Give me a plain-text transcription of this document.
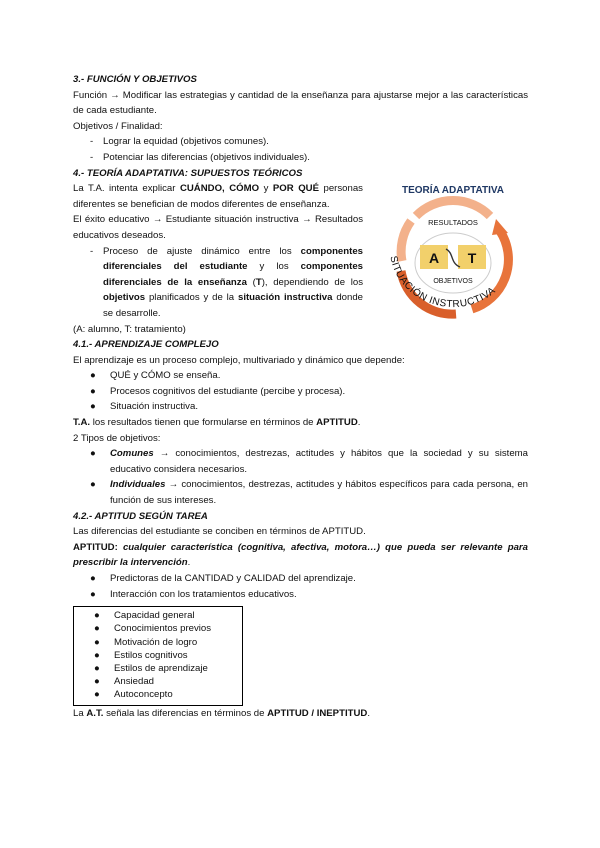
3.- FUNCIÓN Y OBJETIVOS

Función → Modificar las estrategias y cantidad de la enseñanza para ajustarse mejor a las características de cada estudiante.

Objetivos / Finalidad:

-	Lograr la equidad (objetivos comunes).
-	Potenciar las diferencias (objetivos individuales).

4.- TEORÍA ADAPTATIVA: SUPUESTOS TEÓRICOS

La T.A. intenta explicar CUÁNDO, CÓMO y POR QUÉ personas diferentes se benefician de modos diferentes de enseñanza.

El éxito educativo → Estudiante situación instructiva → Resultados educativos deseados.

-	Proceso de ajuste dinámico entre los componentes diferenciales del estudiante y los componentes diferenciales de la enseñanza (T), dependiendo de los objetivos planificados y de la situación instructiva donde se desarrolle.

(A: alumno, T: tratamiento)

TEORÍA ADAPTATIVA
RESULTADOS
A T
OBJETIVOS
SITUACIÓN INSTRUCTIVA

4.1.- APRENDIZAJE COMPLEJO

El aprendizaje es un proceso complejo, multivariado y dinámico que depende:

●	QUÉ y CÓMO se enseña.
●	Procesos cognitivos del estudiante (percibe y procesa).
●	Situación instructiva.

T.A. los resultados tienen que formularse en términos de APTITUD.

2 Tipos de objetivos:

●	Comunes → conocimientos, destrezas, actitudes y hábitos que la sociedad y su sistema educativo considera necesarios.
●	Individuales → conocimientos, destrezas, actitudes y hábitos específicos para cada persona, en función de sus intereses.

4.2.- APTITUD SEGÚN TAREA

Las diferencias del estudiante se conciben en términos de APTITUD.

APTITUD: cualquier característica (cognitiva, afectiva, motora…) que pueda ser relevante para prescribir la intervención.

●	Predictoras de la CANTIDAD y CALIDAD del aprendizaje.
●	Interacción con los tratamientos educativos.
●	Capacidad general
●	Conocimientos previos
●	Motivación de logro
●	Estilos cognitivos
●	Estilos de aprendizaje
●	Ansiedad
●	Autoconcepto

La A.T. señala las diferencias en términos de APTITUD / INEPTITUD.
